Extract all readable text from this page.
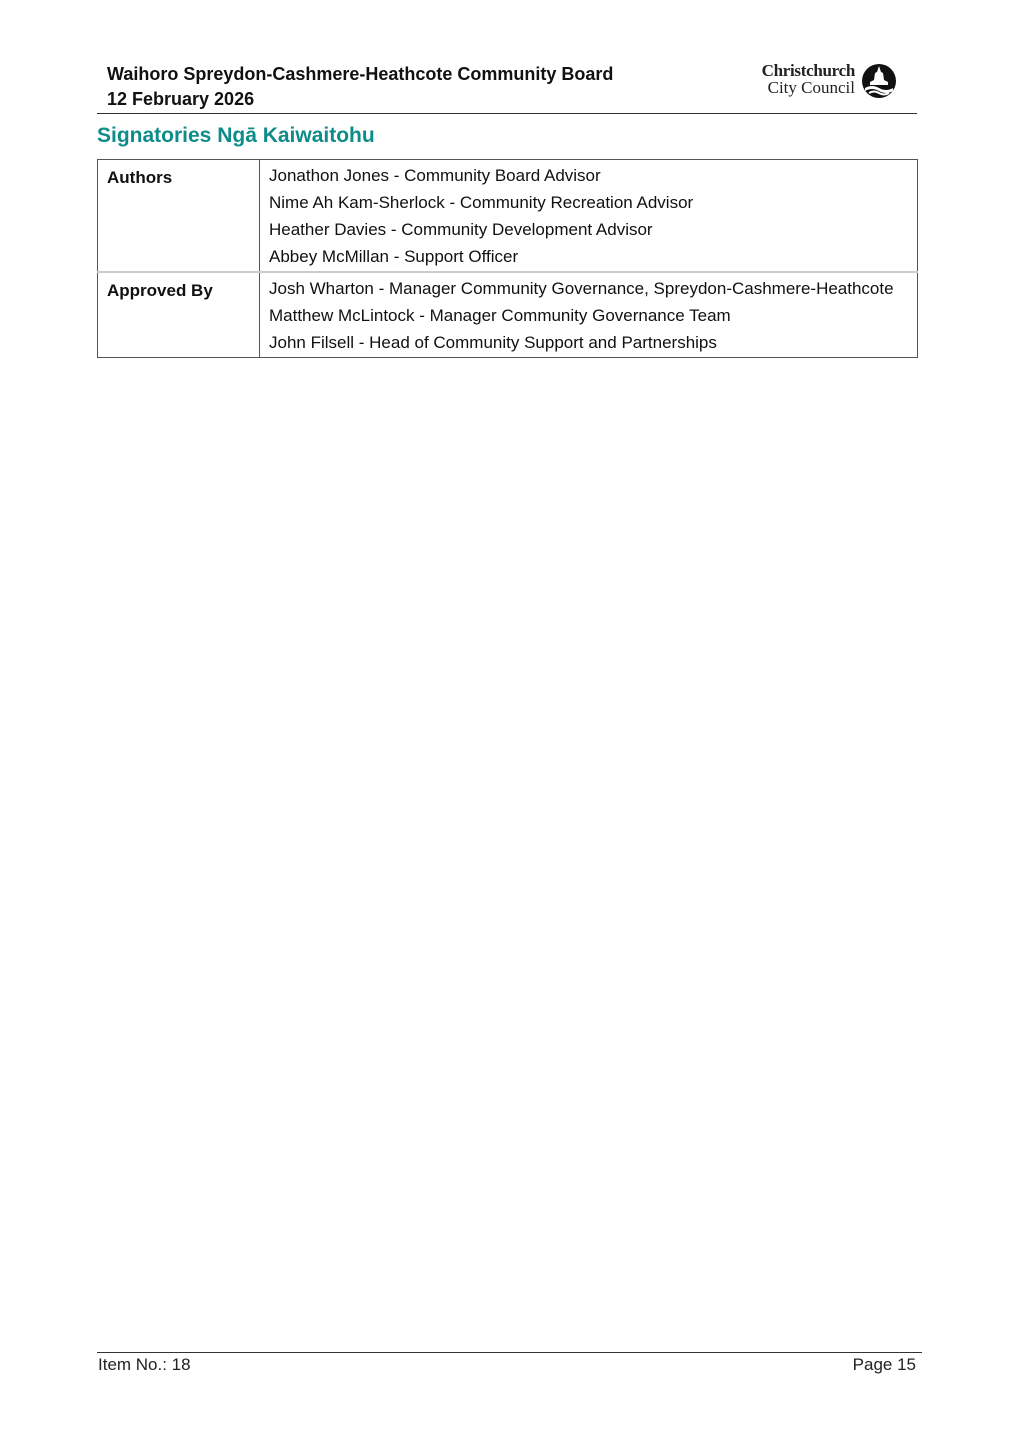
Waihoro Spreydon-Cashmere-Heathcote Community Board
12 February 2026
Christchurch
City Council
Signatories Ngā Kaiwaitohu
Authors	Jonathon Jones - Community Board Advisor
Nime Ah Kam-Sherlock - Community Recreation Advisor
Heather Davies - Community Development Advisor
Abbey McMillan - Support Officer

Approved By	Josh Wharton - Manager Community Governance, Spreydon-Cashmere-Heathcote
Matthew McLintock - Manager Community Governance Team
John Filsell - Head of Community Support and Partnerships
Item No.: 18	Page 15
